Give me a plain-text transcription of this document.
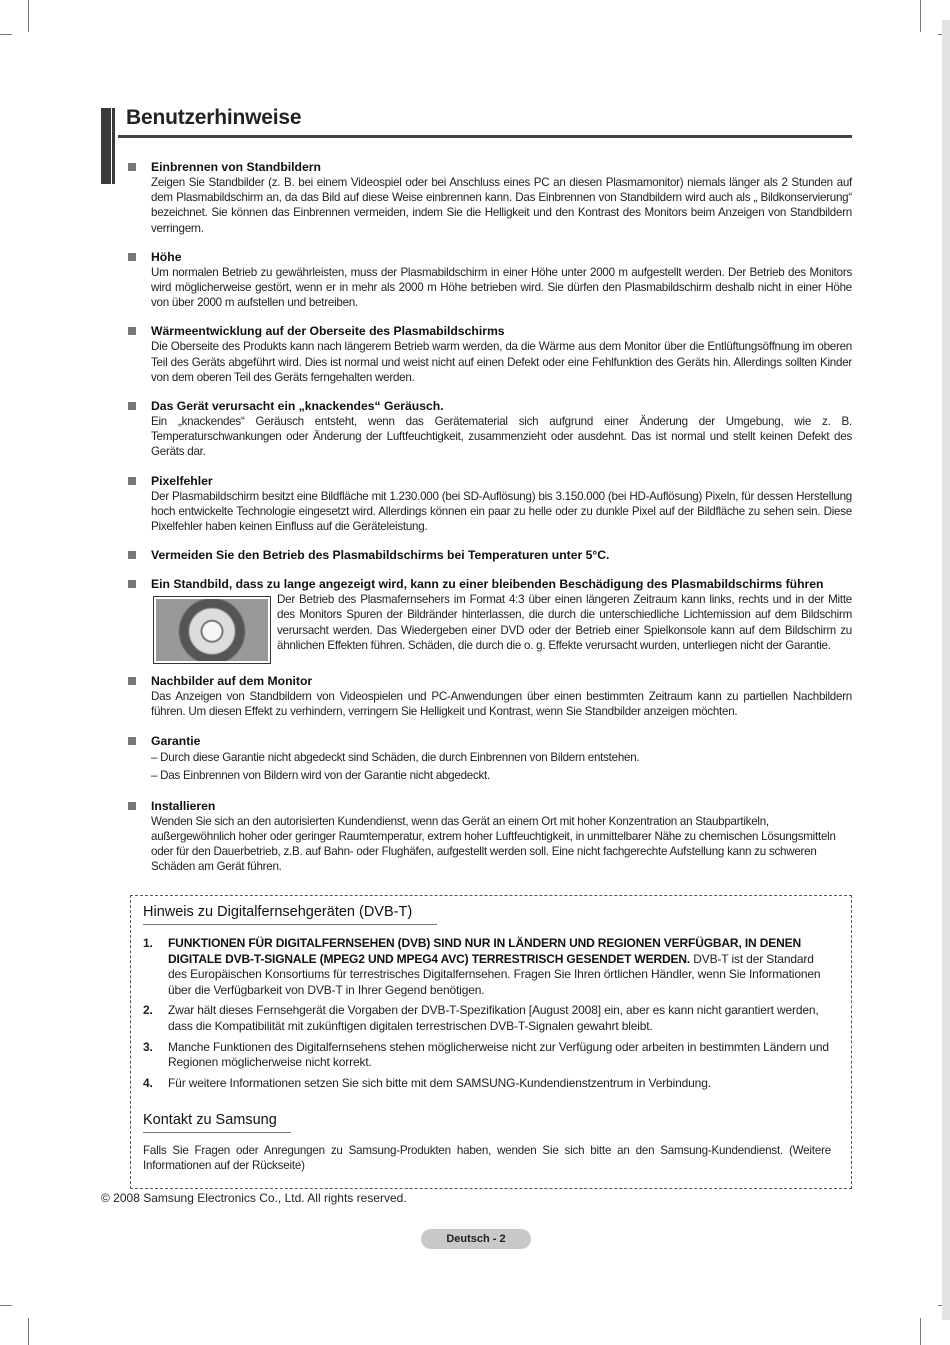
Benutzerhinweise
Einbrennen von Standbildern

Zeigen Sie Standbilder (z. B. bei einem Videospiel oder bei Anschluss eines PC an diesen Plasmamonitor) niemals länger als 2 Stunden auf dem Plasmabildschirm an, da das Bild auf diese Weise einbrennen kann. Das Einbrennen von Standbildern wird auch als „ Bildkonservierung“ bezeichnet. Sie können das Einbrennen vermeiden, indem Sie die Helligkeit und den Kontrast des Monitors beim Anzeigen von Standbildern verringern.

Höhe

Um normalen Betrieb zu gewährleisten, muss der Plasmabildschirm in einer Höhe unter 2000 m aufgestellt werden. Der Betrieb des Monitors wird möglicherweise gestört, wenn er in mehr als 2000 m Höhe betrieben wird. Sie dürfen den Plasmabildschirm deshalb nicht in einer Höhe von über 2000 m aufstellen und betreiben.

Wärmeentwicklung auf der Oberseite des Plasmabildschirms

Die Oberseite des Produkts kann nach längerem Betrieb warm werden, da die Wärme aus dem Monitor über die Entlüftungsöffnung im oberen Teil des Geräts abgeführt wird. Dies ist normal und weist nicht auf einen Defekt oder eine Fehlfunktion des Geräts hin. Allerdings sollten Kinder von dem oberen Teil des Geräts ferngehalten werden.

Das Gerät verursacht ein „knackendes“ Geräusch.

Ein „knackendes“ Geräusch entsteht, wenn das Gerätematerial sich aufgrund einer Änderung der Umgebung, wie z. B. Temperaturschwankungen oder Änderung der Luftfeuchtigkeit, zusammenzieht oder ausdehnt. Das ist normal und stellt keinen Defekt des Geräts dar.

Pixelfehler

Der Plasmabildschirm besitzt eine Bildfläche mit 1.230.000 (bei SD-Auflösung) bis 3.150.000 (bei HD-Auflösung) Pixeln, für dessen Herstellung hoch entwickelte Technologie eingesetzt wird. Allerdings können ein paar zu helle oder zu dunkle Pixel auf der Bildfläche zu sehen sein. Diese Pixelfehler haben keinen Einfluss auf die Geräteleistung.

Vermeiden Sie den Betrieb des Plasmabildschirms bei Temperaturen unter 5°C.
Ein Standbild, dass zu lange angezeigt wird, kann zu einer bleibenden Beschädigung des Plasmabildschirms führen

Der Betrieb des Plasmafernsehers im Format 4:3 über einen längeren Zeitraum kann links, rechts und in der Mitte des Monitors Spuren der Bildränder hinterlassen, die durch die unterschiedliche Lichtemission auf dem Bildschirm verursacht werden. Das Wiedergeben einer DVD oder der Betrieb einer Spielkonsole kann auf dem Bildschirm zu ähnlichen Effekten führen. Schäden, die durch die o. g. Effekte verursacht wurden, unterliegen nicht der Garantie.

Nachbilder auf dem Monitor

Das Anzeigen von Standbildern von Videospielen und PC-Anwendungen über einen bestimmten Zeitraum kann zu partiellen Nachbildern führen. Um diesen Effekt zu verhindern, verringern Sie Helligkeit und Kontrast, wenn Sie Standbilder anzeigen möchten.

Garantie

– Durch diese Garantie nicht abgedeckt sind Schäden, die durch Einbrennen von Bildern entstehen.

– Das Einbrennen von Bildern wird von der Garantie nicht abgedeckt.

Installieren

Wenden Sie sich an den autorisierten Kundendienst, wenn das Gerät an einem Ort mit hoher Konzentration an Staubpartikeln, außergewöhnlich hoher oder geringer Raumtemperatur, extrem hoher Luftfeuchtigkeit, in unmittelbarer Nähe zu chemischen Lösungsmitteln oder für den Dauerbetrieb, z.B. auf Bahn- oder Flughäfen, aufgestellt werden soll. Eine nicht fachgerechte Aufstellung kann zu schweren Schäden am Gerät führen.

Hinweis zu Digitalfernsehgeräten (DVB-T)
1. FUNKTIONEN FÜR DIGITALFERNSEHEN (DVB) SIND NUR IN LÄNDERN UND REGIONEN VERFÜGBAR, IN DENEN DIGITALE DVB-T-SIGNALE (MPEG2 UND MPEG4 AVC) TERRESTRISCH GESENDET WERDEN. DVB-T ist der Standard des Europäischen Konsortiums für terrestrisches Digitalfernsehen. Fragen Sie Ihren örtlichen Händler, wenn Sie Informationen über die Verfügbarkeit von DVB-T in Ihrer Gegend benötigen.
2. Zwar hält dieses Fernsehgerät die Vorgaben der DVB-T-Spezifikation [August 2008] ein, aber es kann nicht garantiert werden, dass die Kompatibilität mit zukünftigen digitalen terrestrischen DVB-T-Signalen gewahrt bleibt.
3. Manche Funktionen des Digitalfernsehens stehen möglicherweise nicht zur Verfügung oder arbeiten in bestimmten Ländern und Regionen möglicherweise nicht korrekt.
4. Für weitere Informationen setzen Sie sich bitte mit dem SAMSUNG-Kundendienstzentrum in Verbindung.
Kontakt zu Samsung

Falls Sie Fragen oder Anregungen zu Samsung-Produkten haben, wenden Sie sich bitte an den Samsung-Kundendienst. (Weitere Informationen auf der Rückseite)

© 2008 Samsung Electronics Co., Ltd. All rights reserved.
Deutsch - 2
